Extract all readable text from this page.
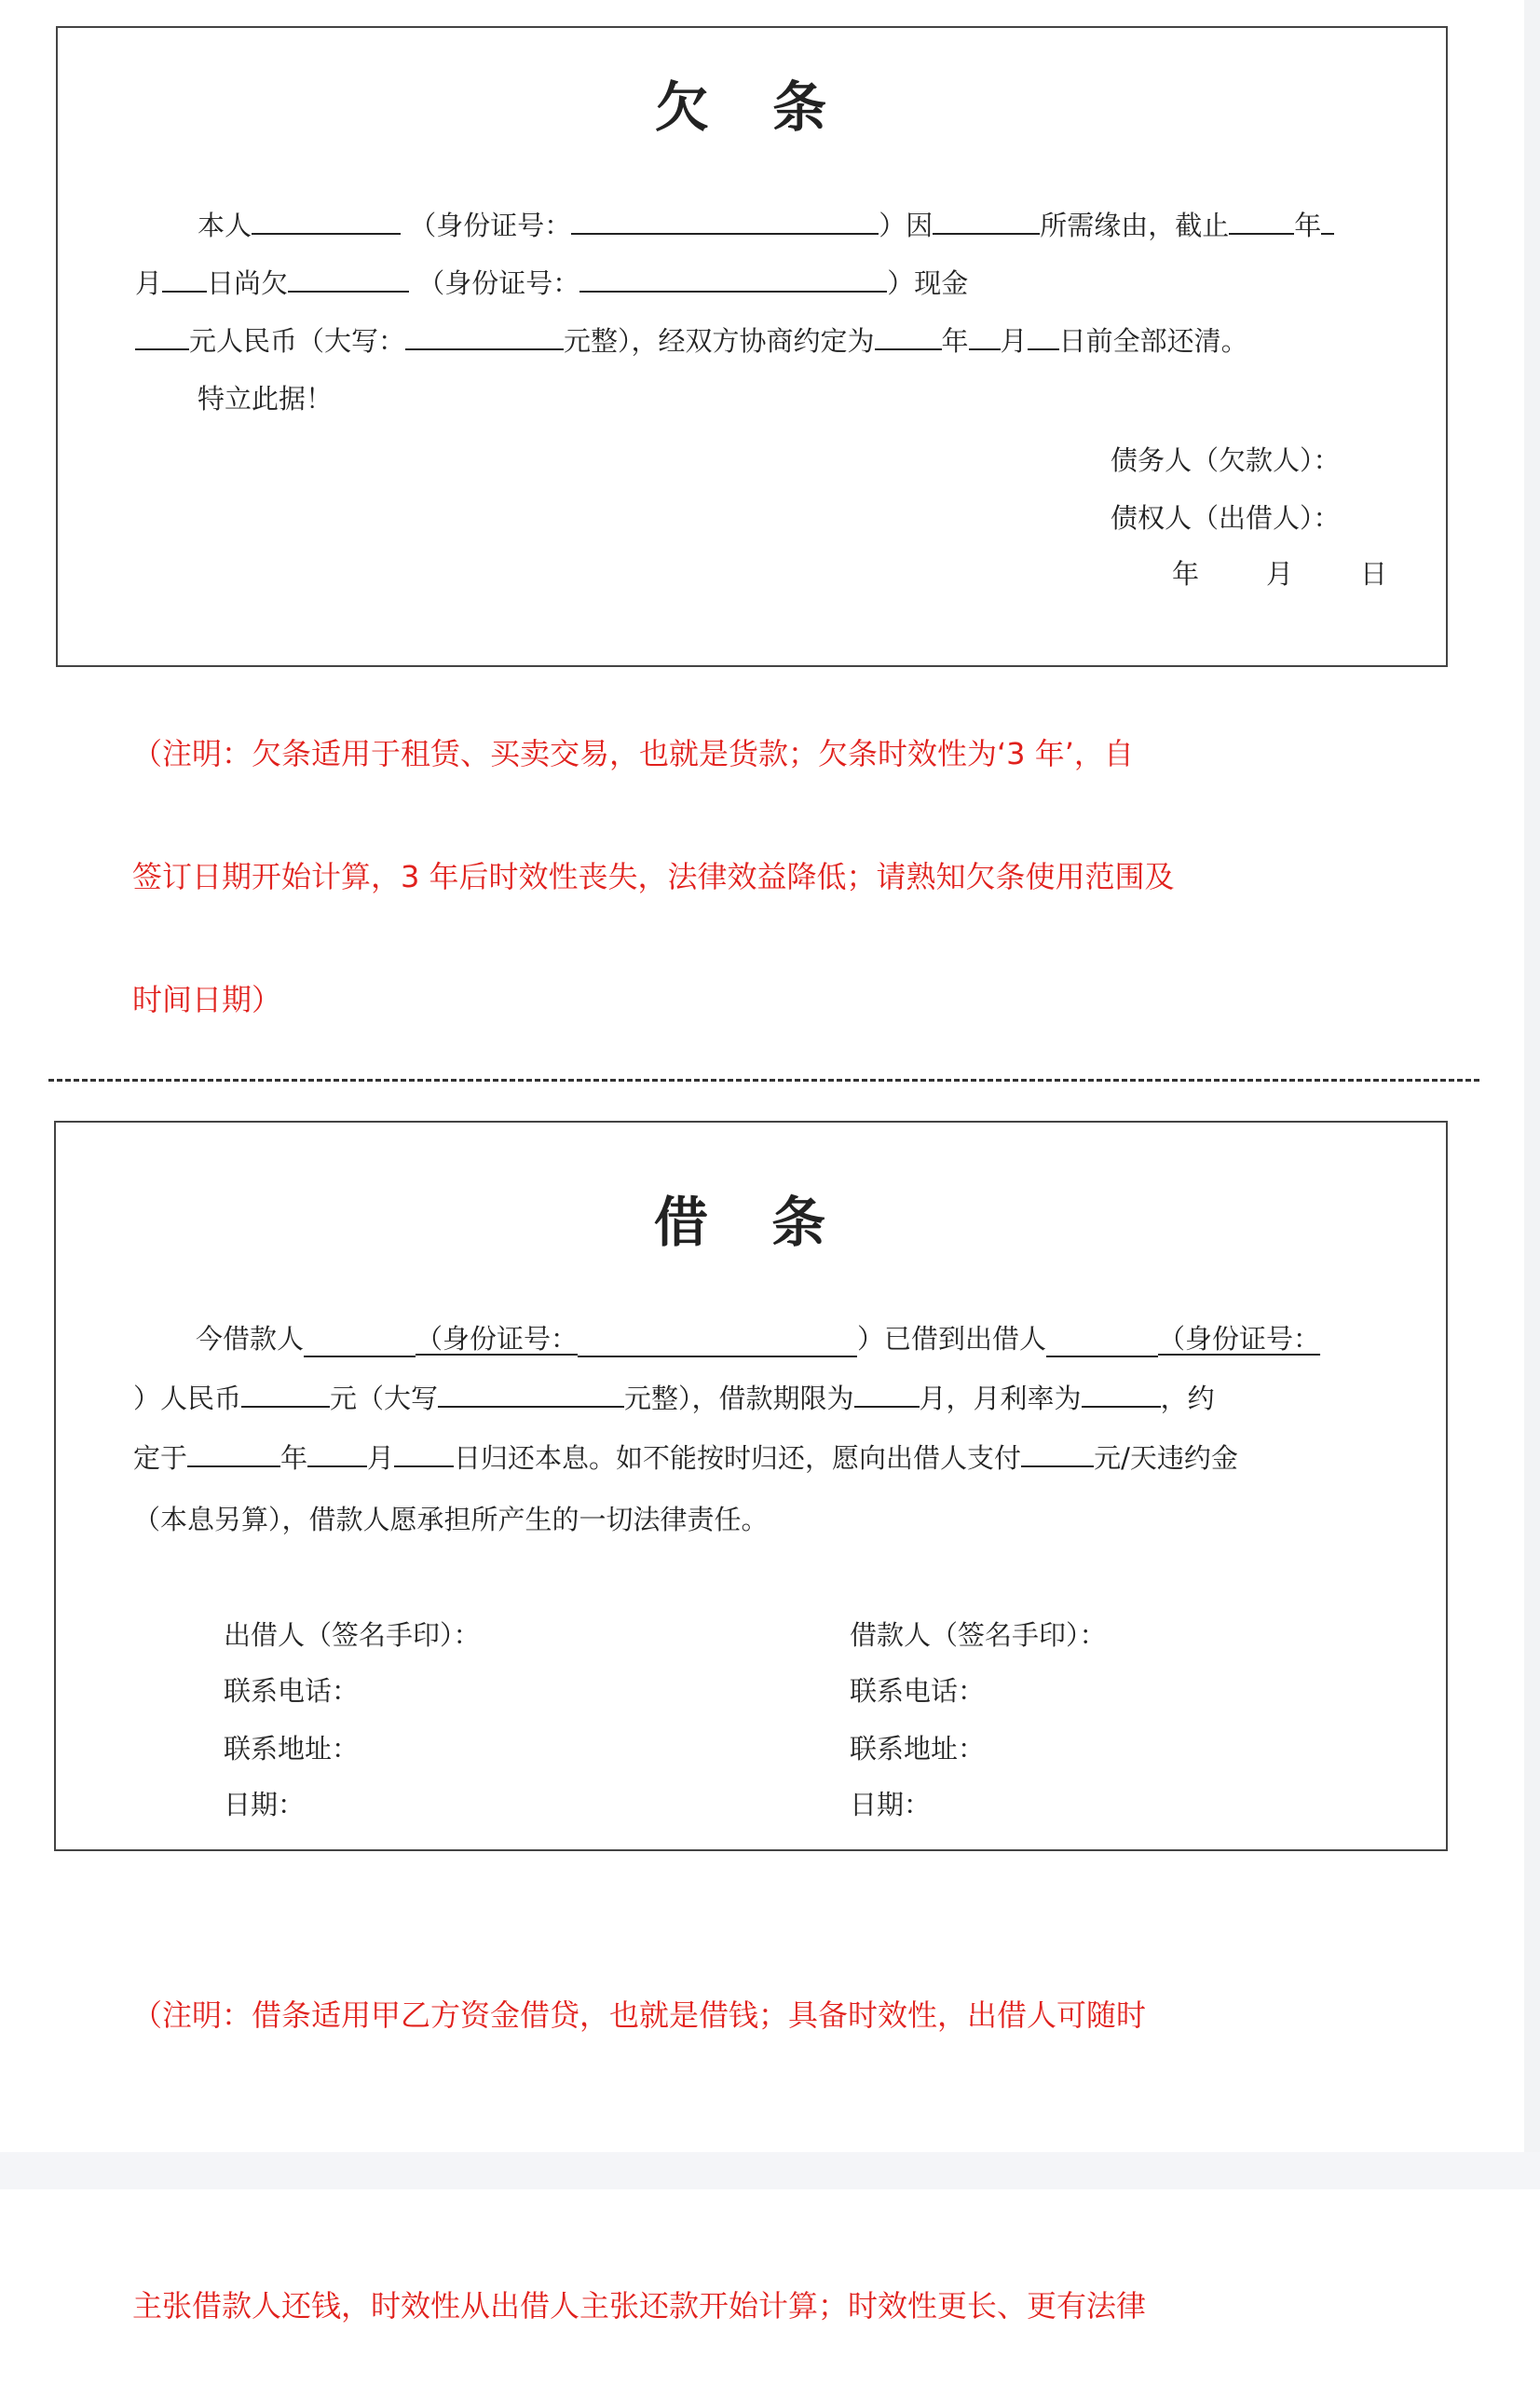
欠 条
本人	（身份证号：	）因	所需缘由，截止 年
月 日尚欠	（身份证号：	）现金
元人民币（大写：	元整），经双方协商约定为 年 月 日前全部还清。
特立此据！
债务人（欠款人）：
债权人（出借人）：
年 月 日
（注明：欠条适用于租赁、买卖交易，也就是货款；欠条时效性为‘3 年’，自
签订日期开始计算，3 年后时效性丧失，法律效益降低；请熟知欠条使用范围及
时间日期）
借 条
今借款人	（身份证号：	）已借到出借人	（身份证号：
）人民币	元（大写	元整），借款期限为 月，月利率为	，约
定于	年 月 日归还本息。如不能按时归还，愿向出借人支付	元/天违约金
（本息另算），借款人愿承担所产生的一切法律责任。
出借人（签名手印）：	借款人（签名手印）：
联系电话：	联系电话：
联系地址：	联系地址：
日期：	日期：
（注明：借条适用甲乙方资金借贷，也就是借钱；具备时效性，出借人可随时
主张借款人还钱，时效性从出借人主张还款开始计算；时效性更长、更有法律
